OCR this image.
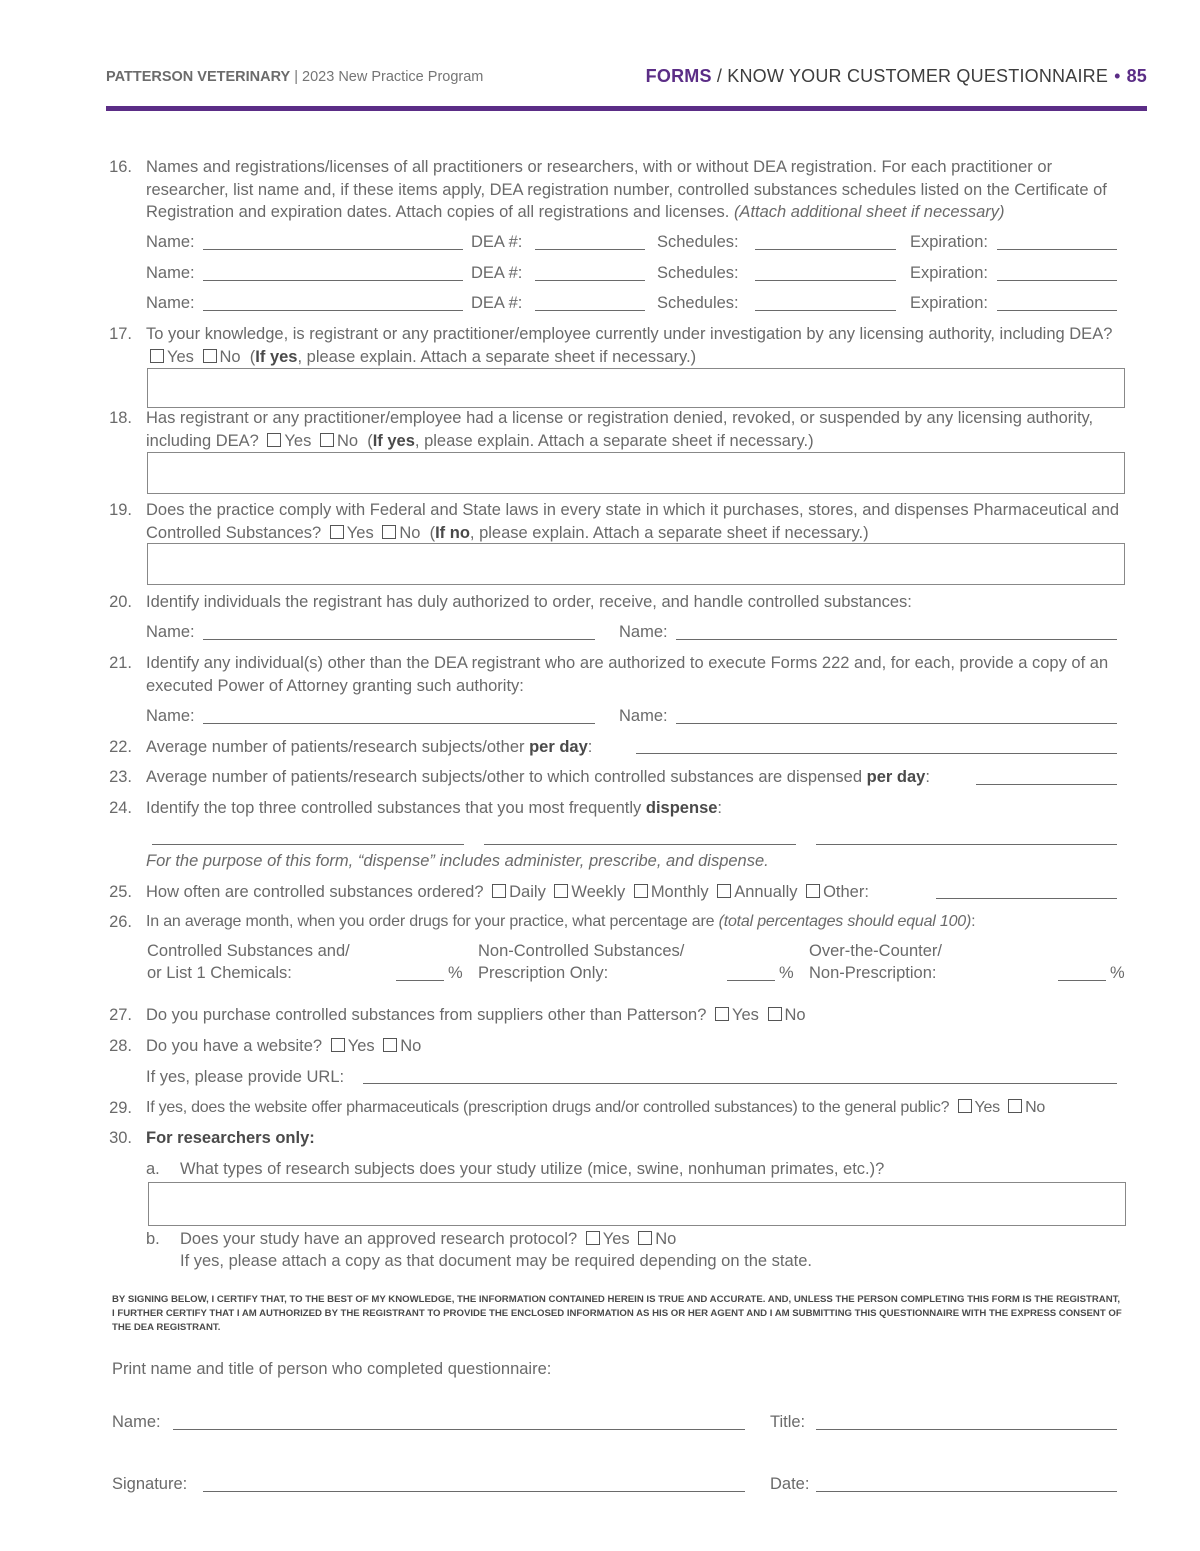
PATTERSON VETERINARY | 2023 New Practice Program	FORMS / KNOW YOUR CUSTOMER QUESTIONNAIRE • 85
16. Names and registrations/licenses of all practitioners or researchers, with or without DEA registration. For each practitioner or researcher, list name and, if these items apply, DEA registration number, controlled substances schedules listed on the Certificate of Registration and expiration dates. Attach copies of all registrations and licenses. (Attach additional sheet if necessary)
Name:	DEA #:	Schedules:	Expiration:
Name:	DEA #:	Schedules:	Expiration:
Name:	DEA #:	Schedules:	Expiration:
17. To your knowledge, is registrant or any practitioner/employee currently under investigation by any licensing authority, including DEA? Yes No  (If yes, please explain. Attach a separate sheet if necessary.)
18. Has registrant or any practitioner/employee had a license or registration denied, revoked, or suspended by any licensing authority, including DEA? Yes No  (If yes, please explain. Attach a separate sheet if necessary.)
19. Does the practice comply with Federal and State laws in every state in which it purchases, stores, and dispenses Pharmaceutical and Controlled Substances? Yes No  (If no, please explain. Attach a separate sheet if necessary.)
20. Identify individuals the registrant has duly authorized to order, receive, and handle controlled substances:
Name:	Name:
21. Identify any individual(s) other than the DEA registrant who are authorized to execute Forms 222 and, for each, provide a copy of an executed Power of Attorney granting such authority:
Name:	Name:
22. Average number of patients/research subjects/other per day:
23. Average number of patients/research subjects/other to which controlled substances are dispensed per day:
24. Identify the top three controlled substances that you most frequently dispense:
For the purpose of this form, “dispense” includes administer, prescribe, and dispense.
25. How often are controlled substances ordered? Daily Weekly Monthly Annually Other:
26. In an average month, when you order drugs for your practice, what percentage are (total percentages should equal 100):
Controlled Substances and/
or List 1 Chemicals:	%
Non-Controlled Substances/
Prescription Only:	%
Over-the-Counter/
Non-Prescription:	%
27. Do you purchase controlled substances from suppliers other than Patterson? Yes No
28. Do you have a website? Yes No
If yes, please provide URL:
29. If yes, does the website offer pharmaceuticals (prescription drugs and/or controlled substances) to the general public? Yes No
30. For researchers only:
a. What types of research subjects does your study utilize (mice, swine, nonhuman primates, etc.)?
b. Does your study have an approved research protocol? Yes No
If yes, please attach a copy as that document may be required depending on the state.
BY SIGNING BELOW, I CERTIFY THAT, TO THE BEST OF MY KNOWLEDGE, THE INFORMATION CONTAINED HEREIN IS TRUE AND ACCURATE. AND, UNLESS THE PERSON COMPLETING THIS FORM IS THE REGISTRANT, I FURTHER CERTIFY THAT I AM AUTHORIZED BY THE REGISTRANT TO PROVIDE THE ENCLOSED INFORMATION AS HIS OR HER AGENT AND I AM SUBMITTING THIS QUESTIONNAIRE WITH THE EXPRESS CONSENT OF THE DEA REGISTRANT.
Print name and title of person who completed questionnaire:
Name:	Title:
Signature:	Date:
